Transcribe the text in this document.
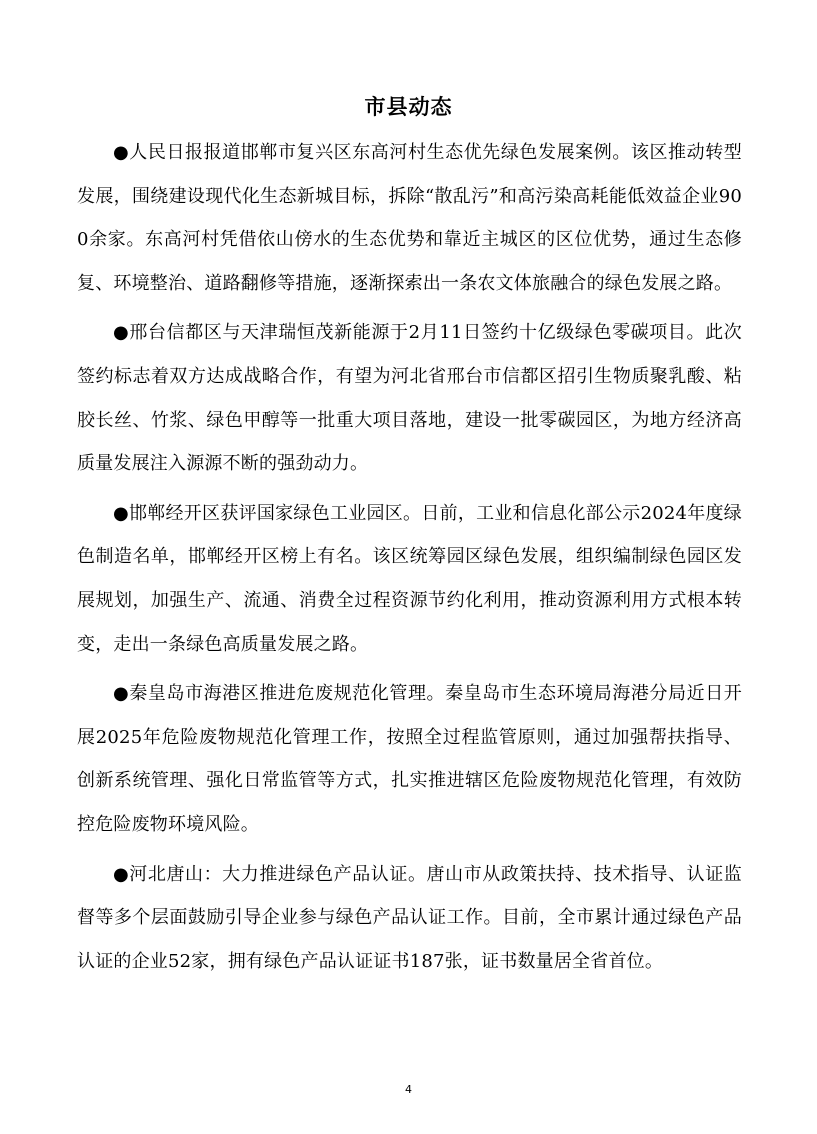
市县动态

●人民日报报道邯郸市复兴区东高河村生态优先绿色发展案例。该区推动转型发展，围绕建设现代化生态新城目标，拆除“散乱污”和高污染高耗能低效益企业900余家。东高河村凭借依山傍水的生态优势和靠近主城区的区位优势，通过生态修复、环境整治、道路翻修等措施，逐渐探索出一条农文体旅融合的绿色发展之路。

●邢台信都区与天津瑞恒茂新能源于2月11日签约十亿级绿色零碳项目。此次签约标志着双方达成战略合作，有望为河北省邢台市信都区招引生物质聚乳酸、粘胶长丝、竹浆、绿色甲醇等一批重大项目落地，建设一批零碳园区，为地方经济高质量发展注入源源不断的强劲动力。

●邯郸经开区获评国家绿色工业园区。日前，工业和信息化部公示2024年度绿色制造名单，邯郸经开区榜上有名。该区统筹园区绿色发展，组织编制绿色园区发展规划，加强生产、流通、消费全过程资源节约化利用，推动资源利用方式根本转变，走出一条绿色高质量发展之路。

●秦皇岛市海港区推进危废规范化管理。秦皇岛市生态环境局海港分局近日开展2025年危险废物规范化管理工作，按照全过程监管原则，通过加强帮扶指导、创新系统管理、强化日常监管等方式，扎实推进辖区危险废物规范化管理，有效防控危险废物环境风险。

●河北唐山：大力推进绿色产品认证。唐山市从政策扶持、技术指导、认证监督等多个层面鼓励引导企业参与绿色产品认证工作。目前，全市累计通过绿色产品认证的企业52家，拥有绿色产品认证证书187张，证书数量居全省首位。

4
